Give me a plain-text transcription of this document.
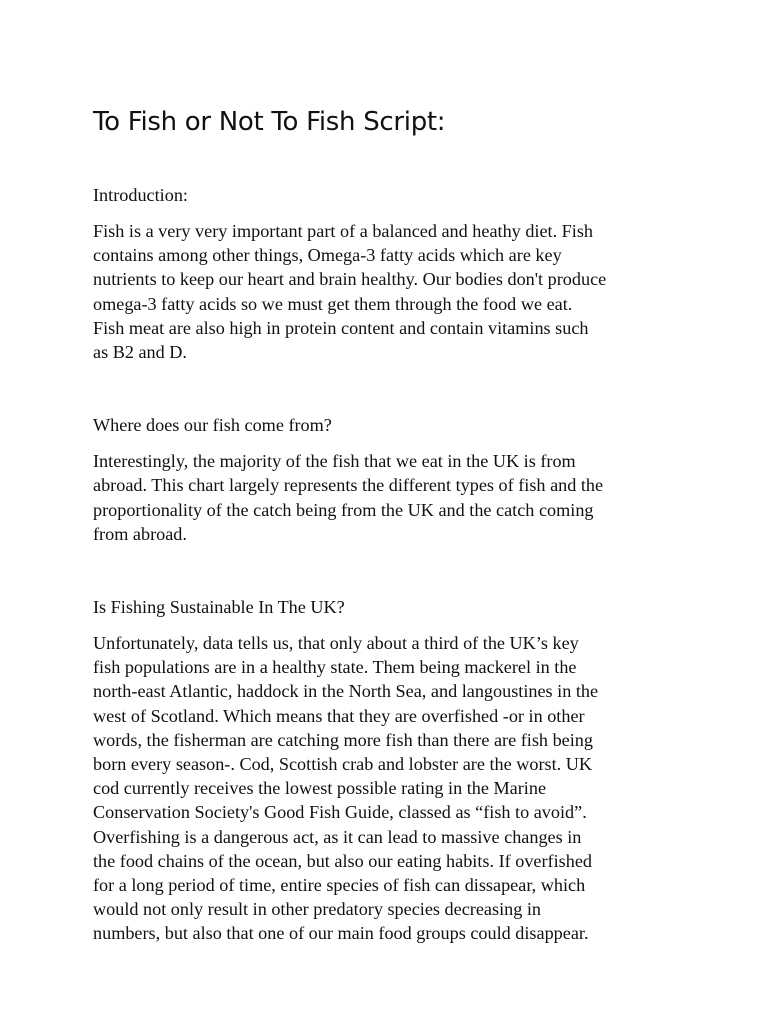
To Fish or Not To Fish Script:

Introduction:

Fish is a very very important part of a balanced and heathy diet. Fish
contains among other things, Omega-3 fatty acids which are key
nutrients to keep our heart and brain healthy. Our bodies don't produce
omega-3 fatty acids so we must get them through the food we eat.
Fish meat are also high in protein content and contain vitamins such
as B2 and D.

Where does our fish come from?

Interestingly, the majority of the fish that we eat in the UK is from
abroad. This chart largely represents the different types of fish and the
proportionality of the catch being from the UK and the catch coming
from abroad.

Is Fishing Sustainable In The UK?

Unfortunately, data tells us, that only about a third of the UK’s key
fish populations are in a healthy state. Them being mackerel in the
north-east Atlantic, haddock in the North Sea, and langoustines in the
west of Scotland. Which means that they are overfished -or in other
words, the fisherman are catching more fish than there are fish being
born every season-. Cod, Scottish crab and lobster are the worst. UK
cod currently receives the lowest possible rating in the Marine
Conservation Society's Good Fish Guide, classed as “fish to avoid”.
Overfishing is a dangerous act, as it can lead to massive changes in
the food chains of the ocean, but also our eating habits. If overfished
for a long period of time, entire species of fish can dissapear, which
would not only result in other predatory species decreasing in
numbers, but also that one of our main food groups could disappear.
